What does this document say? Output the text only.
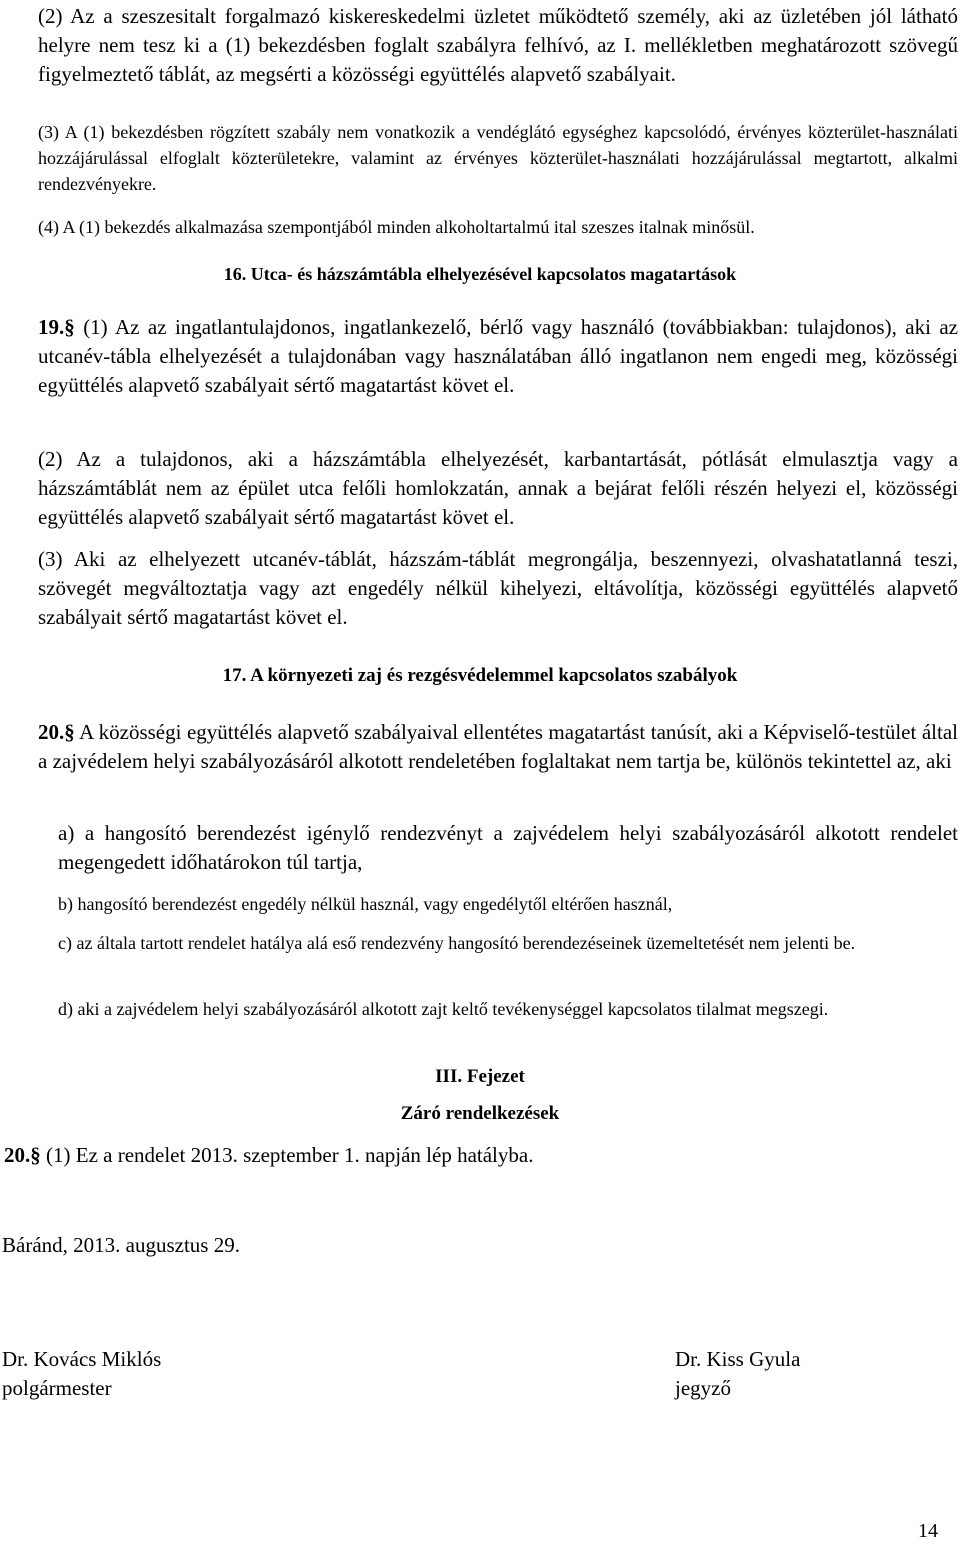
(2) Az a szeszesitalt forgalmazó kiskereskedelmi üzletet működtető személy, aki az üzletében jól látható helyre nem tesz ki a (1) bekezdésben foglalt szabályra felhívó, az I. mellékletben meghatározott szövegű figyelmeztető táblát, az megsérti a közösségi együttélés alapvető szabályait.
(3) A (1) bekezdésben rögzített szabály nem vonatkozik a vendéglátó egységhez kapcsolódó, érvényes közterület-használati hozzájárulással elfoglalt közterületekre, valamint az érvényes közterület-használati hozzájárulással megtartott, alkalmi rendezvényekre.
(4) A (1) bekezdés alkalmazása szempontjából minden alkoholtartalmú ital szeszes italnak minősül.
16. Utca- és házszámtábla elhelyezésével kapcsolatos magatartások
19.§ (1) Az az ingatlantulajdonos, ingatlankezelő, bérlő vagy használó (továbbiakban: tulajdonos), aki az utcanév-tábla elhelyezését a tulajdonában vagy használatában álló ingatlanon nem engedi meg, közösségi együttélés alapvető szabályait sértő magatartást követ el.
(2) Az a tulajdonos, aki a házszámtábla elhelyezését, karbantartását, pótlását elmulasztja vagy a házszámtáblát nem az épület utca felőli homlokzatán, annak a bejárat felőli részén helyezi el, közösségi együttélés alapvető szabályait sértő magatartást követ el.
(3) Aki az elhelyezett utcanév-táblát, házszám-táblát megrongálja, beszennyezi, olvashatatlanná teszi, szövegét megváltoztatja vagy azt engedély nélkül kihelyezi, eltávolítja, közösségi együttélés alapvető szabályait sértő magatartást követ el.
17. A környezeti zaj és rezgésvédelemmel kapcsolatos szabályok
20.§ A közösségi együttélés alapvető szabályaival ellentétes magatartást tanúsít, aki a Képviselő-testület által a zajvédelem helyi szabályozásáról alkotott rendeletében foglaltakat nem tartja be, különös tekintettel az, aki
a) a hangosító berendezést igénylő rendezvényt a zajvédelem helyi szabályozásáról alkotott rendelet megengedett időhatárokon túl tartja,
b) hangosító berendezést engedély nélkül használ, vagy engedélytől eltérően használ,
c) az általa tartott rendelet hatálya alá eső rendezvény hangosító berendezéseinek üzemeltetését nem jelenti be.
d) aki a zajvédelem helyi szabályozásáról alkotott zajt keltő tevékenységgel kapcsolatos tilalmat megszegi.
III. Fejezet
Záró rendelkezések
20.§ (1) Ez a rendelet 2013. szeptember 1. napján lép hatályba.
Báránd, 2013. augusztus 29.
Dr. Kovács Miklós
polgármester
Dr. Kiss Gyula
jegyző
14
